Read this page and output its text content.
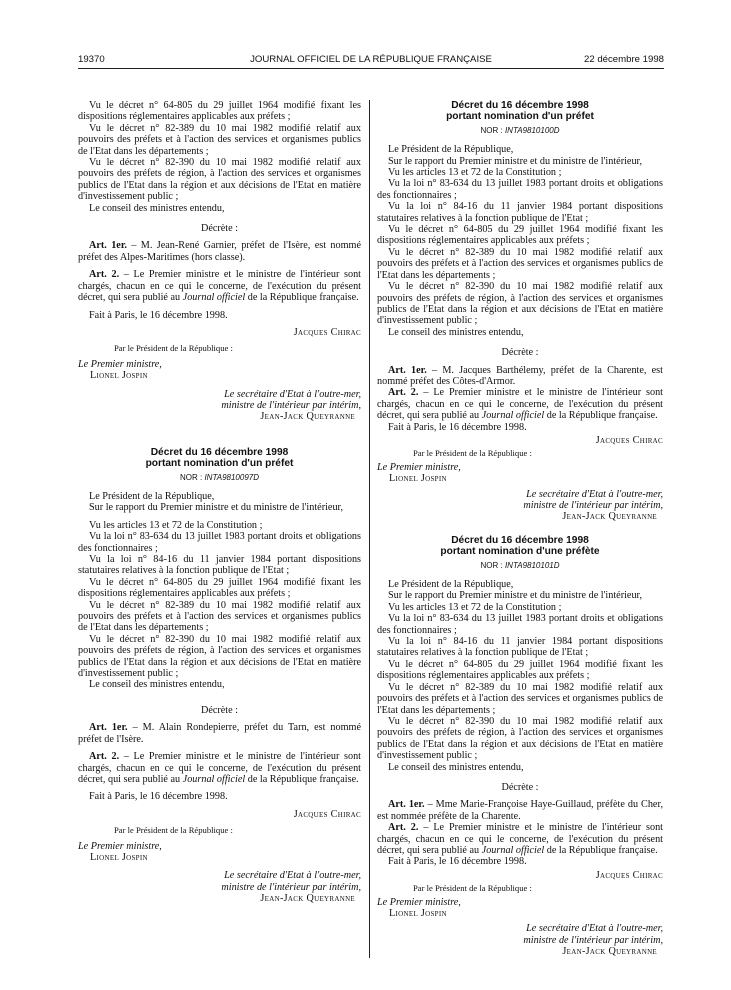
19370	JOURNAL OFFICIEL DE LA RÉPUBLIQUE FRANÇAISE	22 décembre 1998

Vu le décret n° 64-805 du 29 juillet 1964 modifié fixant les dispositions réglementaires applicables aux préfets ;

Vu le décret n° 82-389 du 10 mai 1982 modifié relatif aux pouvoirs des préfets et à l'action des services et organismes publics de l'Etat dans les départements ;

Vu le décret n° 82-390 du 10 mai 1982 modifié relatif aux pouvoirs des préfets de région, à l'action des services et organismes publics de l'Etat dans la région et aux décisions de l'Etat en matière d'investissement public ;

Le conseil des ministres entendu,

Décrète :

Art. 1er. – M. Jean-René Garnier, préfet de l'Isère, est nommé préfet des Alpes-Maritimes (hors classe).

Art. 2. – Le Premier ministre et le ministre de l'intérieur sont chargés, chacun en ce qui le concerne, de l'exécution du présent décret, qui sera publié au Journal officiel de la République française.

Fait à Paris, le 16 décembre 1998.

Jacques Chirac

Par le Président de la République :

Le Premier ministre,

Lionel Jospin

Le secrétaire d'Etat à l'outre-mer,

ministre de l'intérieur par intérim,

Jean-Jack Queyranne

Décret du 16 décembre 1998

portant nomination d'un préfet

NOR : INTA9810097D

Le Président de la République,

Sur le rapport du Premier ministre et du ministre de l'intérieur,

Vu les articles 13 et 72 de la Constitution ;

Vu la loi n° 83-634 du 13 juillet 1983 portant droits et obligations des fonctionnaires ;

Vu la loi n° 84-16 du 11 janvier 1984 portant dispositions statutaires relatives à la fonction publique de l'Etat ;

Vu le décret n° 64-805 du 29 juillet 1964 modifié fixant les dispositions réglementaires applicables aux préfets ;

Vu le décret n° 82-389 du 10 mai 1982 modifié relatif aux pouvoirs des préfets et à l'action des services et organismes publics de l'Etat dans les départements ;

Vu le décret n° 82-390 du 10 mai 1982 modifié relatif aux pouvoirs des préfets de région, à l'action des services et organismes publics de l'Etat dans la région et aux décisions de l'Etat en matière d'investissement public ;

Le conseil des ministres entendu,

Décrète :

Art. 1er. – M. Alain Rondepierre, préfet du Tarn, est nommé préfet de l'Isère.

Art. 2. – Le Premier ministre et le ministre de l'intérieur sont chargés, chacun en ce qui le concerne, de l'exécution du présent décret, qui sera publié au Journal officiel de la République française.

Fait à Paris, le 16 décembre 1998.

Jacques Chirac

Par le Président de la République :

Le Premier ministre,

Lionel Jospin

Le secrétaire d'Etat à l'outre-mer,

ministre de l'intérieur par intérim,

Jean-Jack Queyranne

Décret du 16 décembre 1998

portant nomination d'un préfet

NOR : INTA9810100D

Le Président de la République,

Sur le rapport du Premier ministre et du ministre de l'intérieur,

Vu les articles 13 et 72 de la Constitution ;

Vu la loi n° 83-634 du 13 juillet 1983 portant droits et obligations des fonctionnaires ;

Vu la loi n° 84-16 du 11 janvier 1984 portant dispositions statutaires relatives à la fonction publique de l'Etat ;

Vu le décret n° 64-805 du 29 juillet 1964 modifié fixant les dispositions réglementaires applicables aux préfets ;

Vu le décret n° 82-389 du 10 mai 1982 modifié relatif aux pouvoirs des préfets et à l'action des services et organismes publics de l'Etat dans les départements ;

Vu le décret n° 82-390 du 10 mai 1982 modifié relatif aux pouvoirs des préfets de région, à l'action des services et organismes publics de l'Etat dans la région et aux décisions de l'Etat en matière d'investissement public ;

Le conseil des ministres entendu,

Décrète :

Art. 1er. – M. Jacques Barthélemy, préfet de la Charente, est nommé préfet des Côtes-d'Armor.

Art. 2. – Le Premier ministre et le ministre de l'intérieur sont chargés, chacun en ce qui le concerne, de l'exécution du présent décret, qui sera publié au Journal officiel de la République française.

Fait à Paris, le 16 décembre 1998.

Jacques Chirac

Par le Président de la République :

Le Premier ministre,

Lionel Jospin

Le secrétaire d'Etat à l'outre-mer,

ministre de l'intérieur par intérim,

Jean-Jack Queyranne

Décret du 16 décembre 1998

portant nomination d'une préfète

NOR : INTA9810101D

Le Président de la République,

Sur le rapport du Premier ministre et du ministre de l'intérieur,

Vu les articles 13 et 72 de la Constitution ;

Vu la loi n° 83-634 du 13 juillet 1983 portant droits et obligations des fonctionnaires ;

Vu la loi n° 84-16 du 11 janvier 1984 portant dispositions statutaires relatives à la fonction publique de l'Etat ;

Vu le décret n° 64-805 du 29 juillet 1964 modifié fixant les dispositions réglementaires applicables aux préfets ;

Vu le décret n° 82-389 du 10 mai 1982 modifié relatif aux pouvoirs des préfets et à l'action des services et organismes publics de l'Etat dans les départements ;

Vu le décret n° 82-390 du 10 mai 1982 modifié relatif aux pouvoirs des préfets de région, à l'action des services et organismes publics de l'Etat dans la région et aux décisions de l'Etat en matière d'investissement public ;

Le conseil des ministres entendu,

Décrète :

Art. 1er. – Mme Marie-Françoise Haye-Guillaud, préfète du Cher, est nommée préfète de la Charente.

Art. 2. – Le Premier ministre et le ministre de l'intérieur sont chargés, chacun en ce qui le concerne, de l'exécution du présent décret, qui sera publié au Journal officiel de la République française.

Fait à Paris, le 16 décembre 1998.

Jacques Chirac

Par le Président de la République :

Le Premier ministre,

Lionel Jospin

Le secrétaire d'Etat à l'outre-mer,

ministre de l'intérieur par intérim,

Jean-Jack Queyranne
